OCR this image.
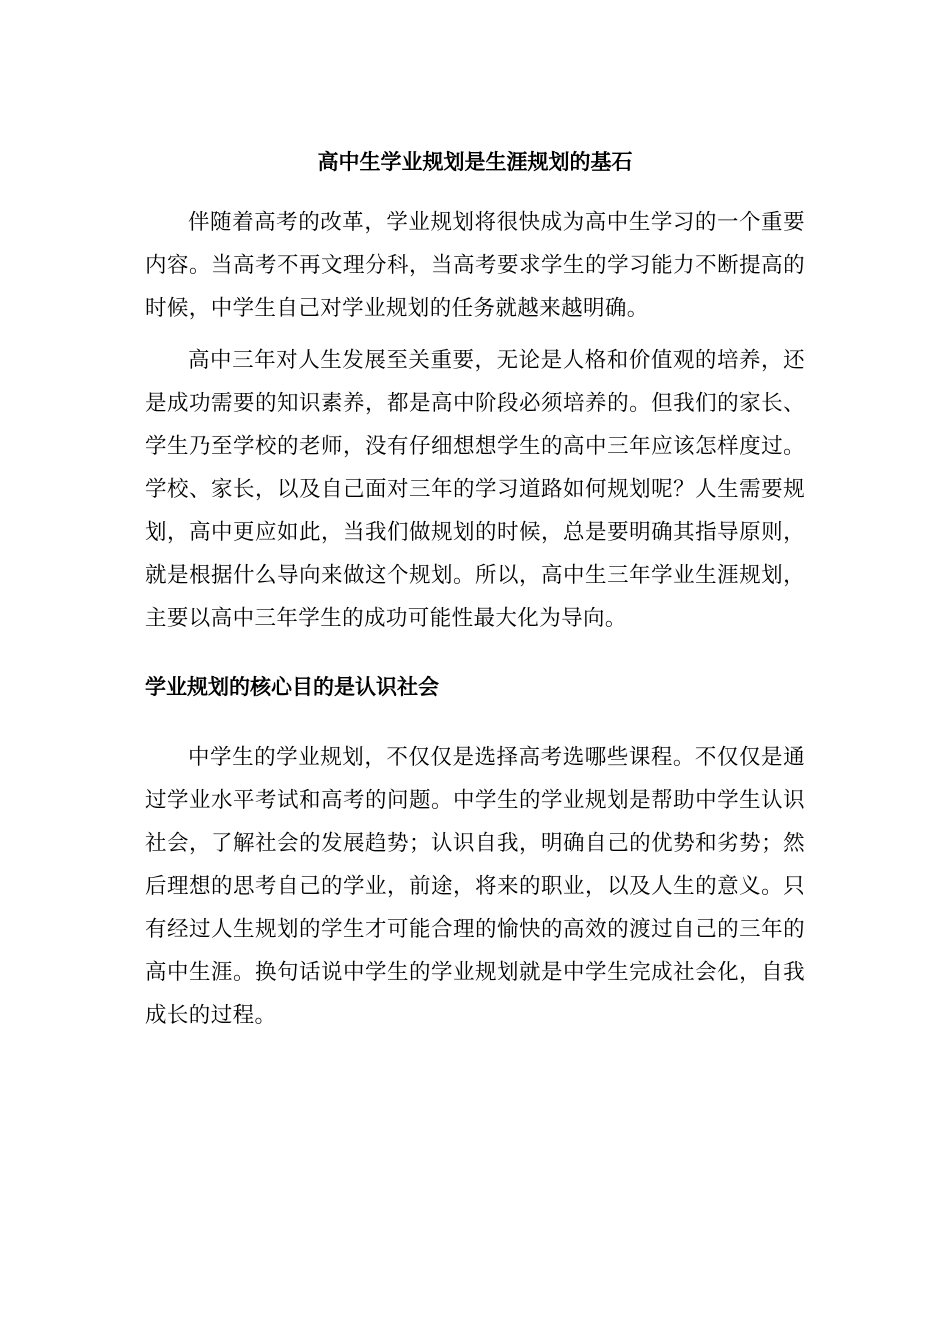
高中生学业规划是生涯规划的基石

伴随着高考的改革，学业规划将很快成为高中生学习的一个重要内容。当高考不再文理分科，当高考要求学生的学习能力不断提高的时候，中学生自己对学业规划的任务就越来越明确。

高中三年对人生发展至关重要，无论是人格和价值观的培养，还是成功需要的知识素养，都是高中阶段必须培养的。但我们的家长、学生乃至学校的老师，没有仔细想想学生的高中三年应该怎样度过。学校、家长，以及自己面对三年的学习道路如何规划呢？人生需要规划，高中更应如此，当我们做规划的时候，总是要明确其指导原则，就是根据什么导向来做这个规划。所以，高中生三年学业生涯规划，主要以高中三年学生的成功可能性最大化为导向。

学业规划的核心目的是认识社会

中学生的学业规划，不仅仅是选择高考选哪些课程。不仅仅是通过学业水平考试和高考的问题。中学生的学业规划是帮助中学生认识社会，了解社会的发展趋势；认识自我，明确自己的优势和劣势；然后理想的思考自己的学业，前途，将来的职业，以及人生的意义。只有经过人生规划的学生才可能合理的愉快的高效的渡过自己的三年的高中生涯。换句话说中学生的学业规划就是中学生完成社会化，自我成长的过程。
